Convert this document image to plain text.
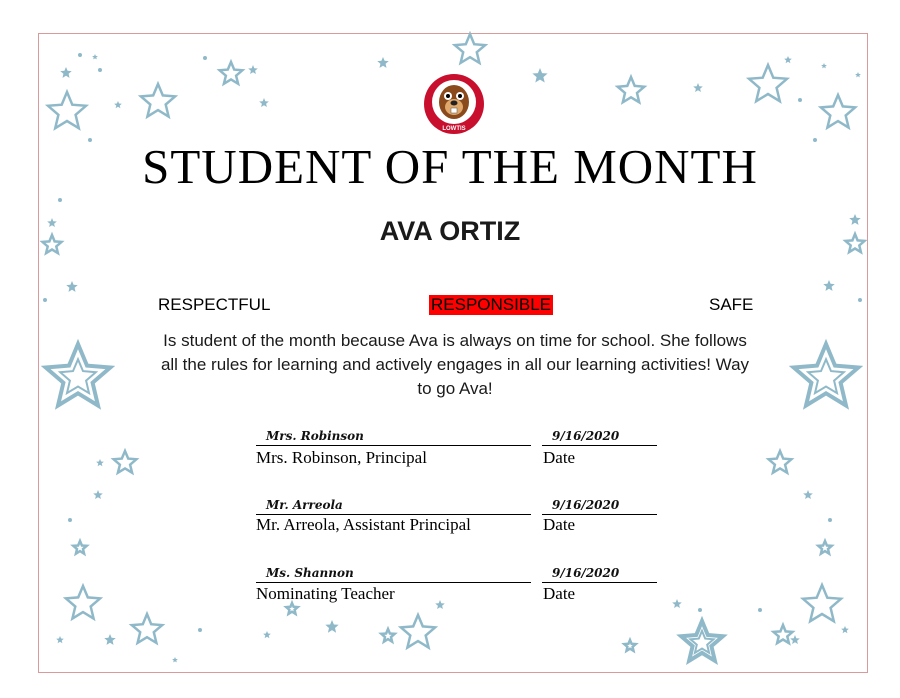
LOWTIS
STUDENT OF THE MONTH
AVA ORTIZ
RESPECTFUL	RESPONSIBLE	SAFE
Is student of the month because Ava is always on time for school. She follows all the rules for learning and actively engages in all our learning activities! Way to go Ava!
Mrs. Robinson	9/16/2020
Mrs. Robinson, Principal	Date
Mr. Arreola	9/16/2020
Mr. Arreola, Assistant Principal	Date
Ms. Shannon	9/16/2020
Nominating Teacher	Date
